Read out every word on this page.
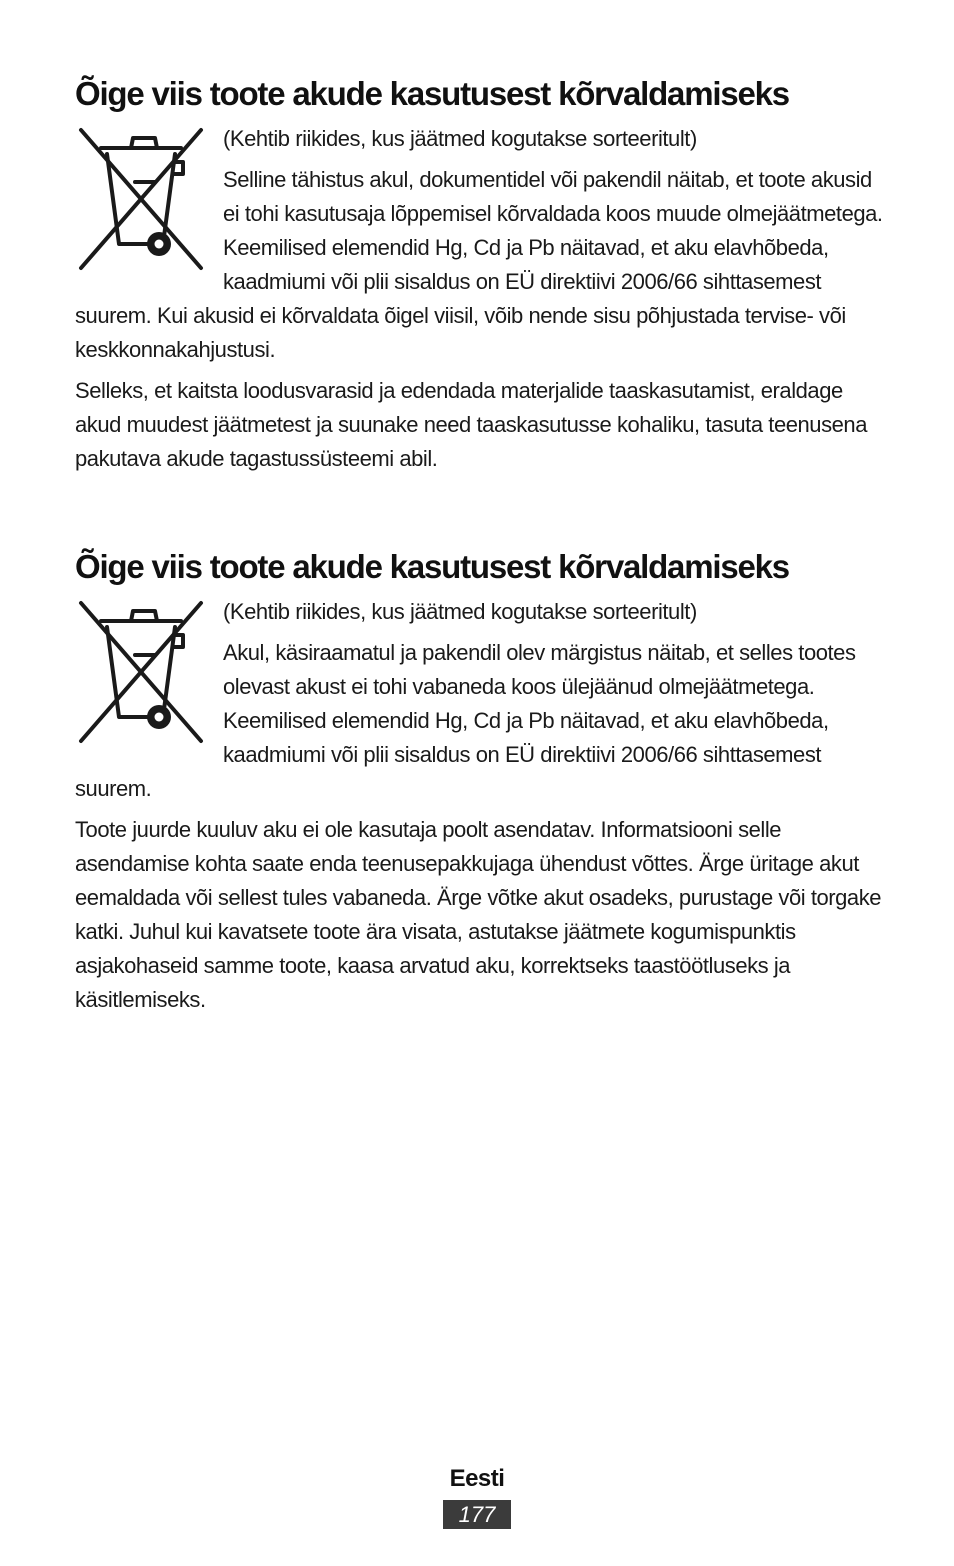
Õige viis toote akude kasutusest kõrvaldamiseks

(Kehtib riikides, kus jäätmed kogutakse sorteeritult)

Selline tähistus akul, dokumentidel või pakendil näitab, et toote akusid ei tohi kasutusaja lõppemisel kõrvaldada koos muude olmejäätmetega. Keemilised elemendid Hg, Cd ja Pb näitavad, et aku elavhõbeda, kaadmiumi või plii sisaldus on EÜ direktiivi 2006/66 sihttasemest suurem. Kui akusid ei kõrvaldata õigel viisil, võib nende sisu põhjustada tervise- või keskkonnakahjustusi.

Selleks, et kaitsta loodusvarasid ja edendada materjalide taaskasutamist, eraldage akud muudest jäätmetest ja suunake need taaskasutusse kohaliku, tasuta teenusena pakutava akude tagastussüsteemi abil.

Õige viis toote akude kasutusest kõrvaldamiseks

(Kehtib riikides, kus jäätmed kogutakse sorteeritult)

Akul, käsiraamatul ja pakendil olev märgistus näitab, et selles tootes olevast akust ei tohi vabaneda koos ülejäänud olmejäätmetega. Keemilised elemendid Hg, Cd ja Pb näitavad, et aku elavhõbeda, kaadmiumi või plii sisaldus on EÜ direktiivi 2006/66 sihttasemest suurem.

Toote juurde kuuluv aku ei ole kasutaja poolt asendatav. Informatsiooni selle asendamise kohta saate enda teenusepakkujaga ühendust võttes. Ärge üritage akut eemaldada või sellest tules vabaneda. Ärge võtke akut osadeks, purustage või torgake katki. Juhul kui kavatsete toote ära visata, astutakse jäätmete kogumispunktis asjakohaseid samme toote, kaasa arvatud aku, korrektseks taastöötluseks ja käsitlemiseks.

Eesti
177
